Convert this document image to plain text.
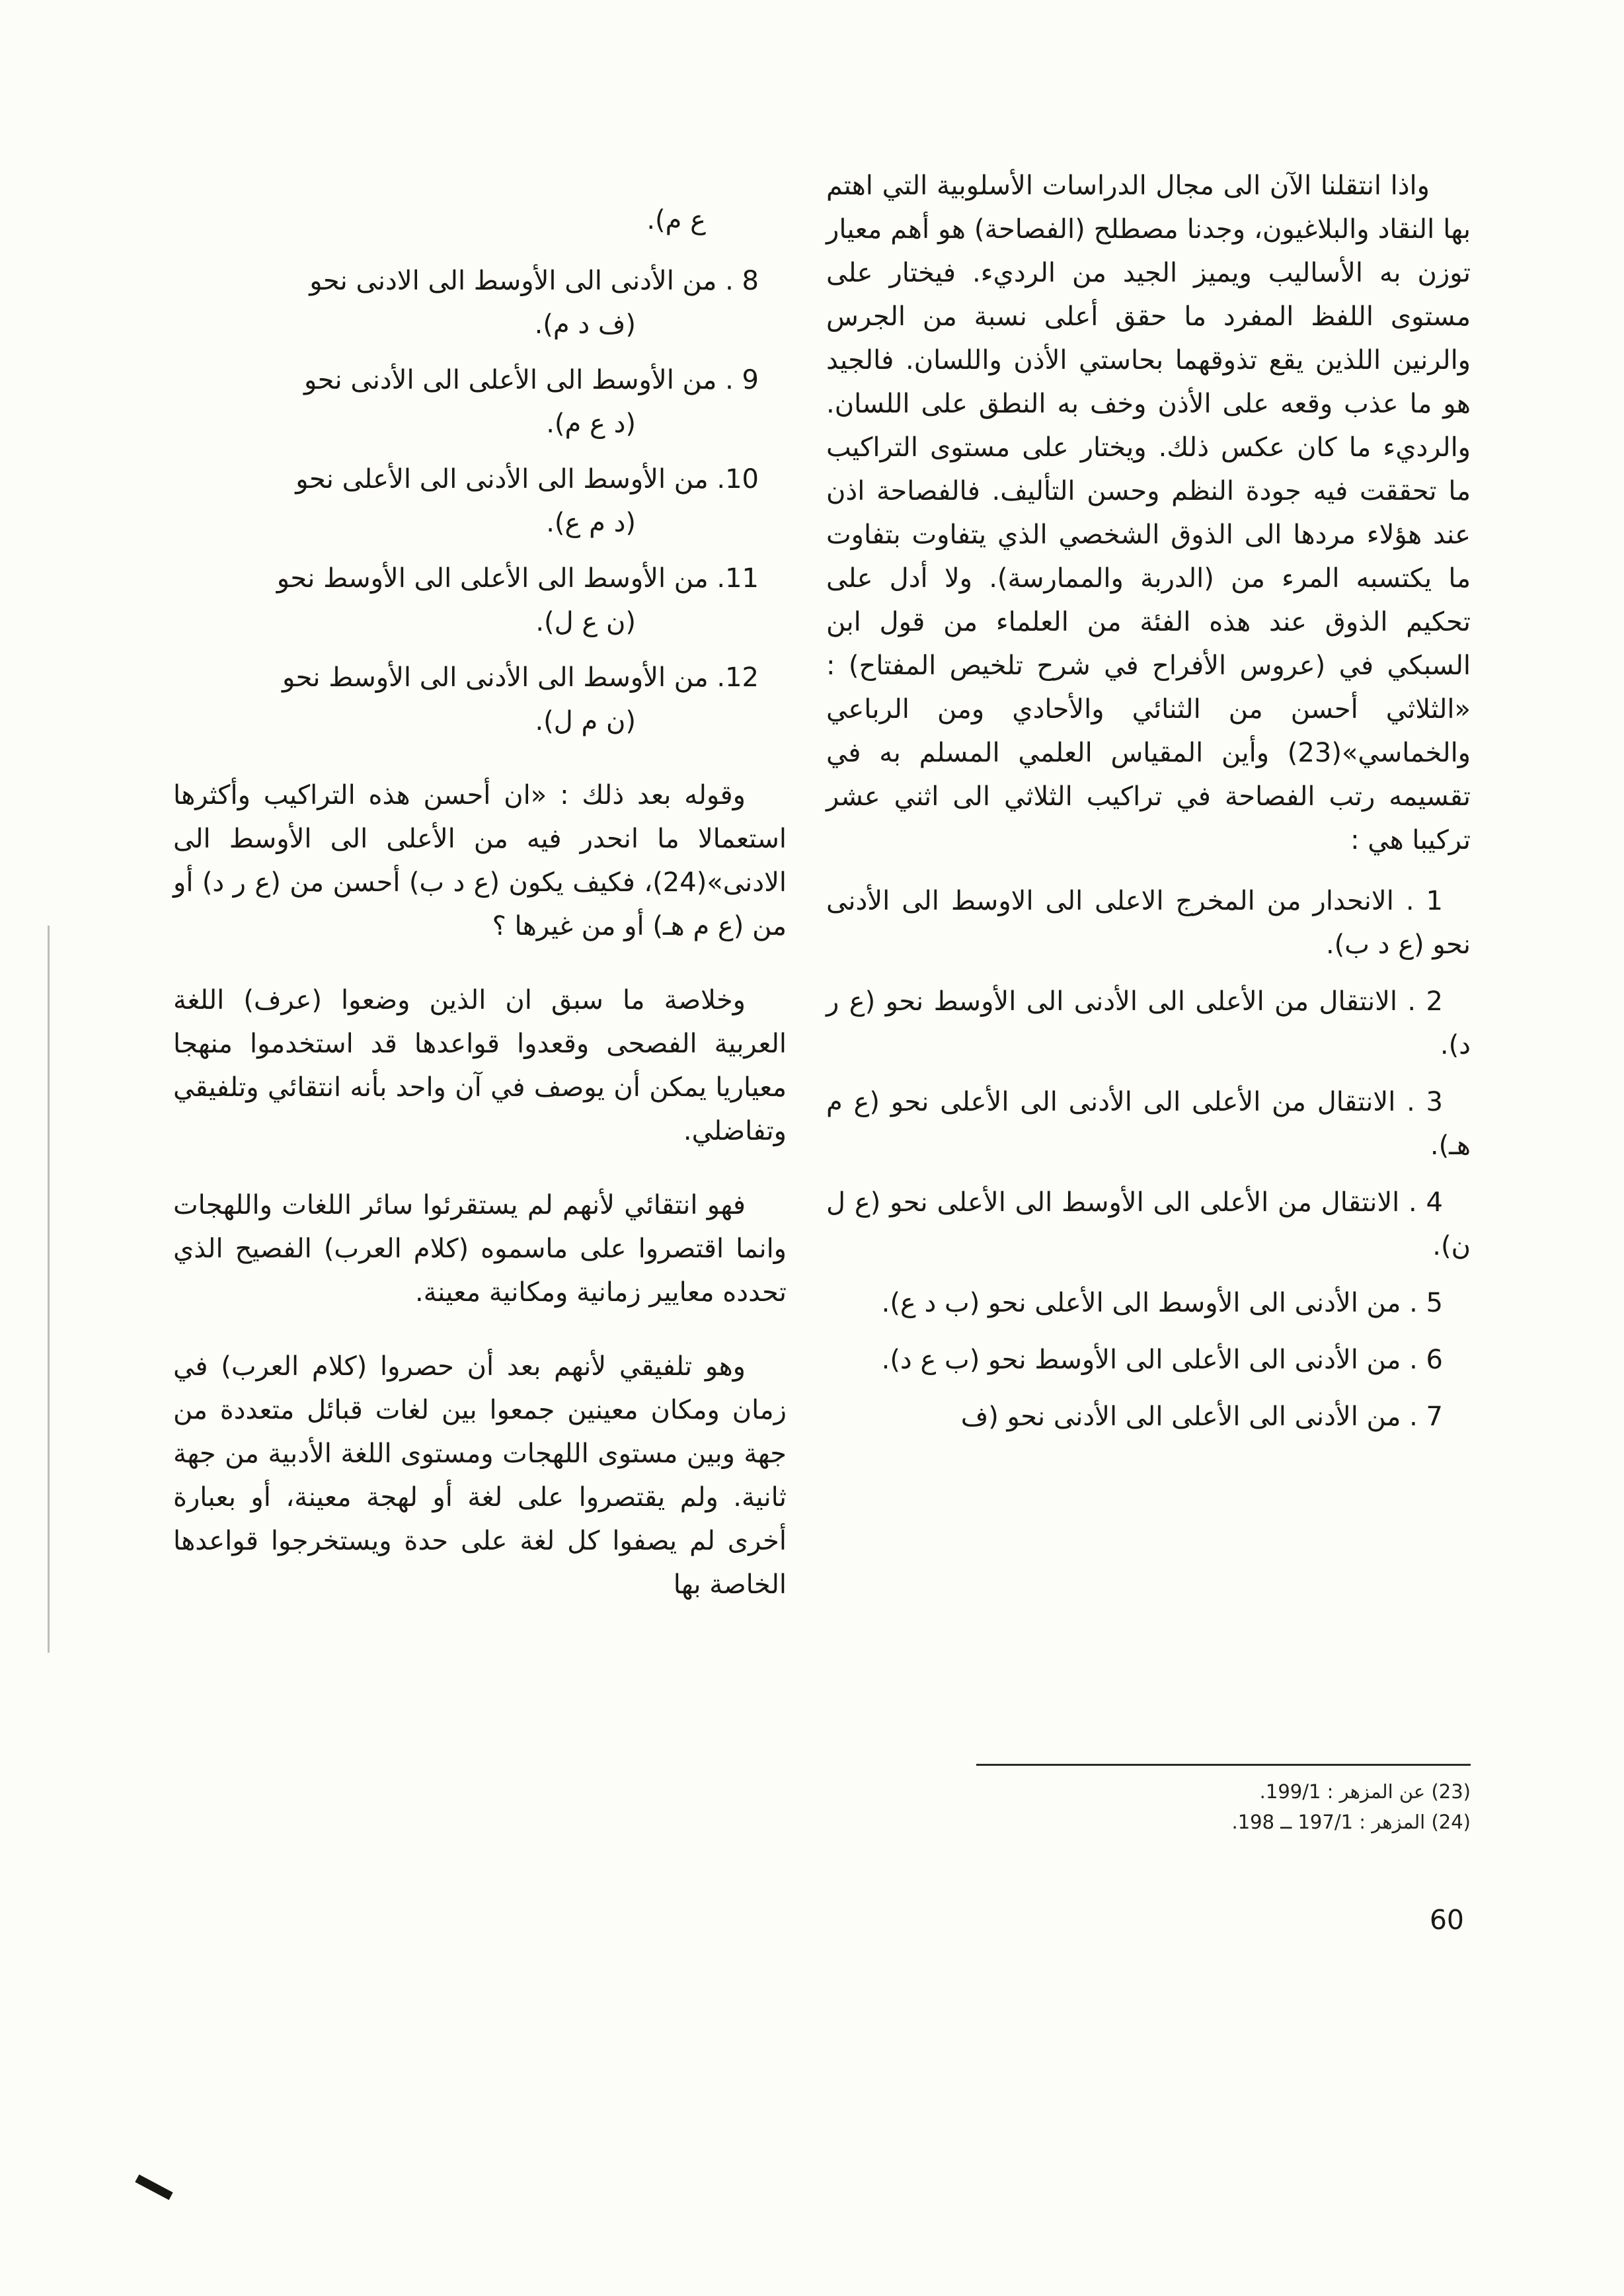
واذا انتقلنا الآن الى مجال الدراسات الأسلوبية التي اهتم بها النقاد والبلاغيون، وجدنا مصطلح (الفصاحة) هو أهم معيار توزن به الأساليب ويميز الجيد من الرديء. فيختار على مستوى اللفظ المفرد ما حقق أعلى نسبة من الجرس والرنين اللذين يقع تذوقهما بحاستي الأذن واللسان. فالجيد هو ما عذب وقعه على الأذن وخف به النطق على اللسان. والرديء ما كان عكس ذلك. ويختار على مستوى التراكيب ما تحققت فيه جودة النظم وحسن التأليف. فالفصاحة اذن عند هؤلاء مردها الى الذوق الشخصي الذي يتفاوت بتفاوت ما يكتسبه المرء من (الدربة والممارسة). ولا أدل على تحكيم الذوق عند هذه الفئة من العلماء من قول ابن السبكي في (عروس الأفراح في شرح تلخيص المفتاح) : «الثلاثي أحسن من الثنائي والأحادي ومن الرباعي والخماسي»(23) وأين المقياس العلمي المسلم به في تقسيمه رتب الفصاحة في تراكيب الثلاثي الى اثني عشر تركيبا هي :

1 . الانحدار من المخرج الاعلى الى الاوسط الى الأدنى نحو (ع د ب).

2 . الانتقال من الأعلى الى الأدنى الى الأوسط نحو (ع ر د).

3 . الانتقال من الأعلى الى الأدنى الى الأعلى نحو (ع م هـ).

4 . الانتقال من الأعلى الى الأوسط الى الأعلى نحو (ع ل ن).

5 . من الأدنى الى الأوسط الى الأعلى نحو (ب د ع).

6 . من الأدنى الى الأعلى الى الأوسط نحو (ب ع د).

7 . من الأدنى الى الأعلى الى الأدنى نحو (ف

ع م).

8 . من الأدنى الى الأوسط الى الادنى نحو
(ف د م).

9 . من الأوسط الى الأعلى الى الأدنى نحو
(د ع م).

10. من الأوسط الى الأدنى الى الأعلى نحو
(د م ع).

11. من الأوسط الى الأعلى الى الأوسط نحو
(ن ع ل).

12. من الأوسط الى الأدنى الى الأوسط نحو
(ن م ل).

وقوله بعد ذلك : «ان أحسن هذه التراكيب وأكثرها استعمالا ما انحدر فيه من الأعلى الى الأوسط الى الادنى»(24)، فكيف يكون (ع د ب) أحسن من (ع ر د) أو من (ع م هـ) أو من غيرها ؟

وخلاصة ما سبق ان الذين وضعوا (عرف) اللغة العربية الفصحى وقعدوا قواعدها قد استخدموا منهجا معياريا يمكن أن يوصف في آن واحد بأنه انتقائي وتلفيقي وتفاضلي.

فهو انتقائي لأنهم لم يستقرئوا سائر اللغات واللهجات وانما اقتصروا على ماسموه (كلام العرب) الفصيح الذي تحدده معايير زمانية ومكانية معينة.

وهو تلفيقي لأنهم بعد أن حصروا (كلام العرب) في زمان ومكان معينين جمعوا بين لغات قبائل متعددة من جهة وبين مستوى اللهجات ومستوى اللغة الأدبية من جهة ثانية. ولم يقتصروا على لغة أو لهجة معينة، أو بعبارة أخرى لم يصفوا كل لغة على حدة ويستخرجوا قواعدها الخاصة بها

(23) عن المزهر : 199/1.

(24) المزهر : 197/1 ــ 198.

60
